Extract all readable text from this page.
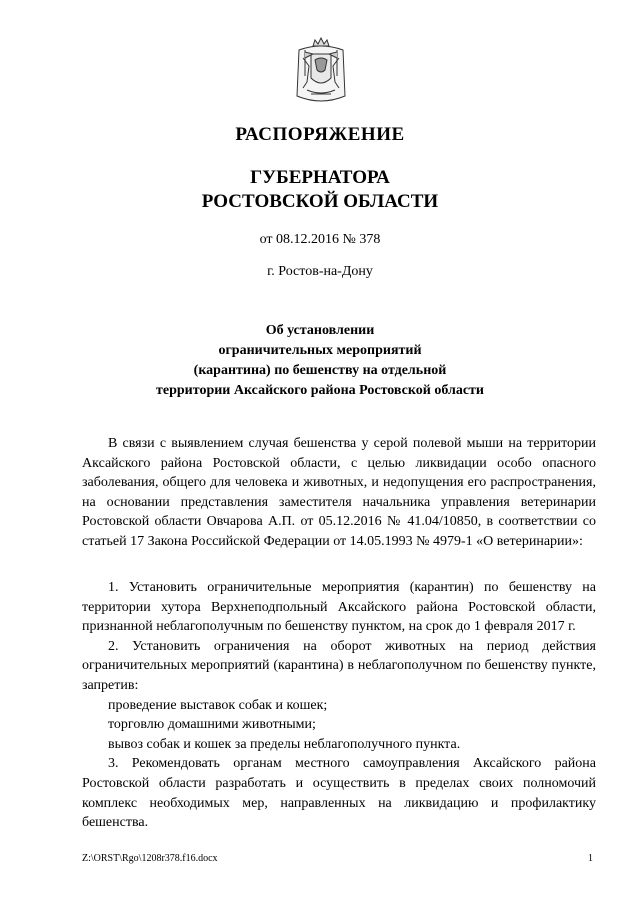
РАСПОРЯЖЕНИЕ
ГУБЕРНАТОРА
РОСТОВСКОЙ ОБЛАСТИ
от 08.12.2016 № 378
г. Ростов-на-Дону
Об установлении
ограничительных мероприятий
(карантина) по бешенству на отдельной
территории Аксайского района Ростовской области

В связи с выявлением случая бешенства у серой полевой мыши на территории Аксайского района Ростовской области, с целью ликвидации особо опасного заболевания, общего для человека и животных, и недопущения его распространения, на основании представления заместителя начальника управления ветеринарии Ростовской области Овчарова А.П. от 05.12.2016 № 41.04/10850, в соответствии со статьей 17 Закона Российской Федерации от 14.05.1993 № 4979-1 «О ветеринарии»:

1. Установить ограничительные мероприятия (карантин) по бешенству на территории хутора Верхнеподпольный Аксайского района Ростовской области, признанной неблагополучным по бешенству пунктом, на срок до 1 февраля 2017 г.

2. Установить ограничения на оборот животных на период действия ограничительных мероприятий (карантина) в неблагополучном по бешенству пункте, запретив:

проведение выставок собак и кошек;

торговлю домашними животными;

вывоз собак и кошек за пределы неблагополучного пункта.

3. Рекомендовать органам местного самоуправления Аксайского района Ростовской области разработать и осуществить в пределах своих полномочий комплекс необходимых мер, направленных на ликвидацию и профилактику бешенства.

Z:\ORST\Rgo\1208r378.f16.docx	1
